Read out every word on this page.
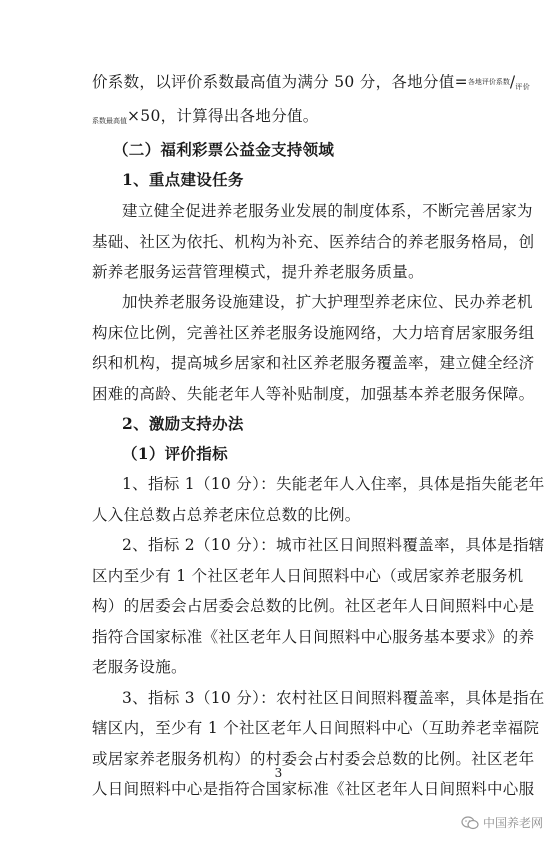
价系数，以评价系数最高值为满分 50 分，各地分值=$^{各地评价系数}$/评价
系数最高值×50，计算得出各地分值。
（二）福利彩票公益金支持领域
1、重点建设任务
建立健全促进养老服务业发展的制度体系，不断完善居家为
基础、社区为依托、机构为补充、医养结合的养老服务格局，创
新养老服务运营管理模式，提升养老服务质量。
加快养老服务设施建设，扩大护理型养老床位、民办养老机
构床位比例，完善社区养老服务设施网络，大力培育居家服务组
织和机构，提高城乡居家和社区养老服务覆盖率，建立健全经济
困难的高龄、失能老年人等补贴制度，加强基本养老服务保障。
2、激励支持办法
（1）评价指标
1、指标 1（10 分）：失能老年人入住率，具体是指失能老年
人入住总数占总养老床位总数的比例。
2、指标 2（10 分）：城市社区日间照料覆盖率，具体是指辖
区内至少有 1 个社区老年人日间照料中心（或居家养老服务机
构）的居委会占居委会总数的比例。社区老年人日间照料中心是
指符合国家标准《社区老年人日间照料中心服务基本要求》的养
老服务设施。
3、指标 3（10 分）：农村社区日间照料覆盖率，具体是指在
辖区内，至少有 1 个社区老年人日间照料中心（互助养老幸福院
或居家养老服务机构）的村委会占村委会总数的比例。社区老年
人日间照料中心是指符合国家标准《社区老年人日间照料中心服
3
中国养老网
